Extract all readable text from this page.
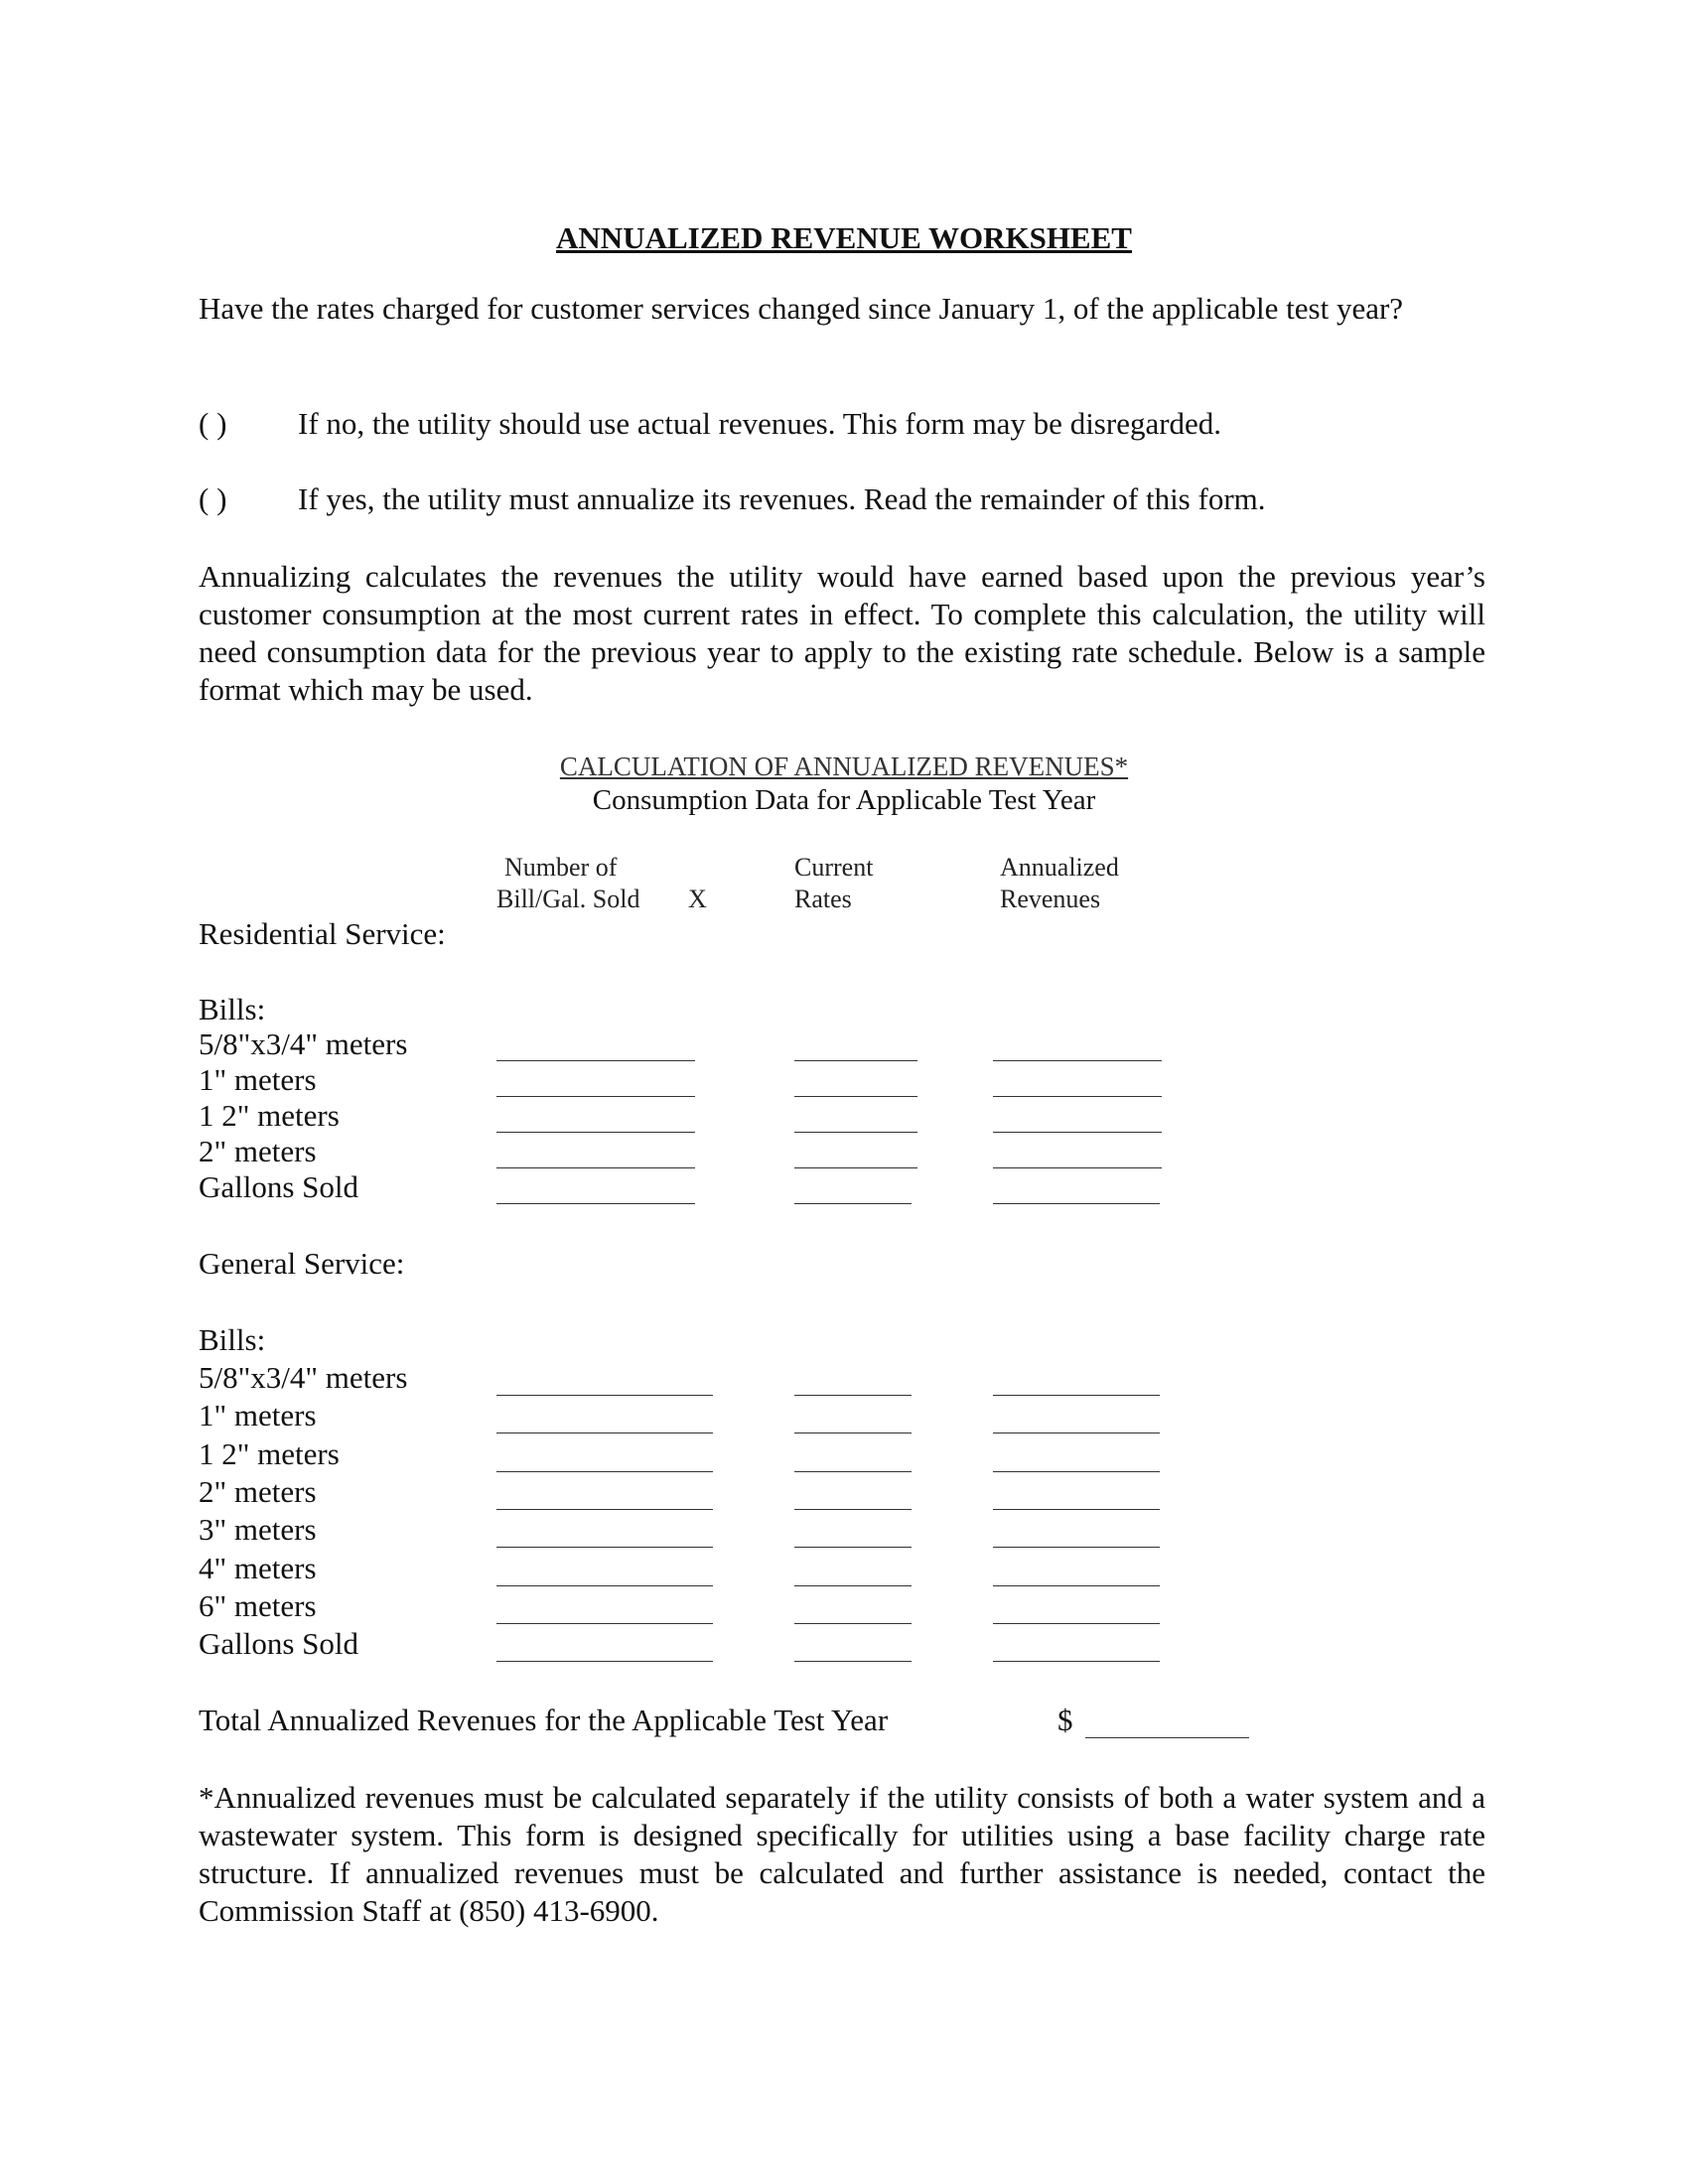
ANNUALIZED REVENUE WORKSHEET
Have the rates charged for customer services changed since January 1, of the applicable test year?
( ) If no, the utility should use actual revenues. This form may be disregarded.
( ) If yes, the utility must annualize its revenues. Read the remainder of this form.
Annualizing calculates the revenues the utility would have earned based upon the previous year’s customer consumption at the most current rates in effect. To complete this calculation, the utility will need consumption data for the previous year to apply to the existing rate schedule. Below is a sample format which may be used.
CALCULATION OF ANNUALIZED REVENUES*
Consumption Data for Applicable Test Year
Number of
Bill/Gal. Sold X
Current
Rates
Annualized
Revenues
Residential Service:
Bills:
5/8"x3/4" meters
1" meters
1 2" meters
2" meters
Gallons Sold
General Service:
Bills:
5/8"x3/4" meters
1" meters
1 2" meters
2" meters
3" meters
4" meters
6" meters
Gallons Sold
Total Annualized Revenues for the Applicable Test Year	$
*Annualized revenues must be calculated separately if the utility consists of both a water system and a wastewater system. This form is designed specifically for utilities using a base facility charge rate structure. If annualized revenues must be calculated and further assistance is needed, contact the Commission Staff at (850) 413-6900.
